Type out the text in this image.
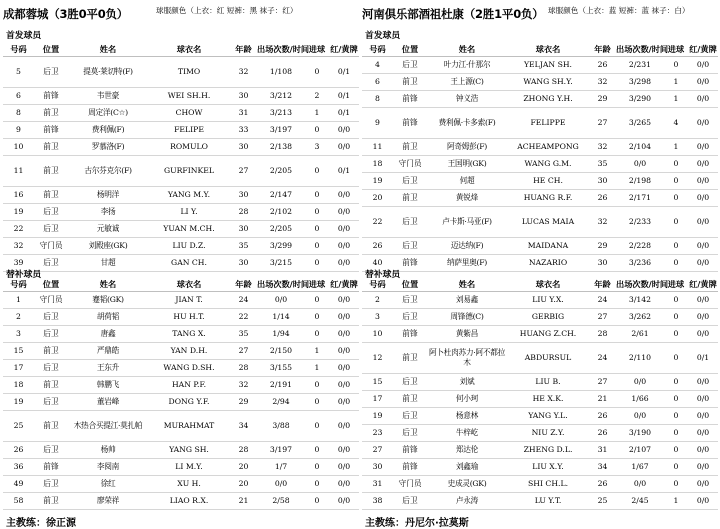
成都蓉城（3胜0平0负）	球服颜色（上衣：红 短裤：黑 袜子：红）
首发球员
号码	位置	姓名	球衣名	年龄	出场次数/时间	进球	红/黄牌
5	后卫	提莫·莱切特(F)	TIMO	32	1/108	0	0/1
6	前锋	韦世豪	WEI SH.H.	30	3/212	2	0/1
8	前卫	周定洋(C☆)	CHOW	31	3/213	1	0/1
9	前锋	费利佩(F)	FELIPE	33	3/197	0	0/0
10	前卫	罗慕洛(F)	ROMULO	30	2/138	3	0/0
11	前卫	古尔芬克尔(F)	GURFINKEL	27	2/205	0	0/1
16	前卫	杨明洋	YANG M.Y.	30	2/147	0	0/0
19	后卫	李扬	LI Y.	28	2/102	0	0/0
22	后卫	元敏诚	YUAN M.CH.	30	2/205	0	0/0
32	守门员	刘殿座(GK)	LIU D.Z.	35	3/299	0	0/0
39	后卫	甘超	GAN CH.	30	3/215	0	0/0
替补球员
号码	位置	姓名	球衣名	年龄	出场次数/时间	进球	红/黄牌
1	守门员	蹇韬(GK)	JIAN T.	24	0/0	0	0/0
2	后卫	胡荷韬	HU H.T.	22	1/14	0	0/0
3	后卫	唐鑫	TANG X.	35	1/94	0	0/0
15	前卫	严鼎皓	YAN D.H.	27	2/150	1	0/0
17	后卫	王东升	WANG D.SH.	28	3/155	1	0/0
18	前卫	韩鹏飞	HAN P.F.	32	2/191	0	0/0
19	后卫	董岩峰	DONG Y.F.	29	2/94	0	0/0
25	前卫	木热合买提江·莫扎帕	MURAHMAT	34	3/88	0	0/0
26	后卫	杨帅	YANG SH.	28	3/197	0	0/0
36	前锋	李阅南	LI M.Y.	20	1/7	0	0/0
49	后卫	徐红	XU H.	20	0/0	0	0/0
58	前卫	廖荣祥	LIAO R.X.	21	2/58	0	0/0
主教练：徐正源
河南俱乐部酒祖杜康（2胜1平0负） 球服颜色（上衣：蓝 短裤：蓝 袜子：白）
首发球员
号码	位置	姓名	球衣名	年龄	出场次数/时间	进球	红/黄牌
4	后卫	叶力江·什那尔	YELJAN SH.	26	2/231	0	0/0
6	前卫	王上源(C)	WANG SH.Y.	32	3/298	1	0/0
8	前锋	钟义浩	ZHONG Y.H.	29	3/290	1	0/0
9	前锋	费利佩·卡多索(F)	FELIPPE	27	3/265	4	0/0
11	前卫	阿奇姆彭(F)	ACHEAMPONG	32	2/104	1	0/0
18	守门员	王国明(GK)	WANG G.M.	35	0/0	0	0/0
19	后卫	何超	HE CH.	30	2/198	0	0/0
20	前卫	黄锐烽	HUANG R.F.	26	2/171	0	0/0
22	后卫	卢卡斯·马亚(F)	LUCAS MAIA	32	2/233	0	0/0
26	后卫	迈达纳(F)	MAIDANA	29	2/228	0	0/0
40	前锋	纳萨里奥(F)	NAZARIO	30	3/236	0	0/0
替补球员
号码	位置	姓名	球衣名	年龄	出场次数/时间	进球	红/黄牌
2	后卫	刘易鑫	LIU Y.X.	24	3/142	0	0/0
3	后卫	周锋德(C)	GERBIG	27	3/262	0	0/0
10	前锋	黄紫昌	HUANG Z.CH.	28	2/61	0	0/0
12	前卫	阿卜杜肉苏力·阿不都拉木	ABDURSUL	24	2/110	0	0/1
15	后卫	刘斌	LIU B.	27	0/0	0	0/0
17	前卫	何小珂	HE X.K.	21	1/66	0	0/0
19	后卫	杨意林	YANG Y.L.	26	0/0	0	0/0
23	后卫	牛梓屹	NIU Z.Y.	26	3/190	0	0/0
27	前锋	郑达伦	ZHENG D.L.	31	2/107	0	0/0
30	前锋	刘鑫瑜	LIU X.Y.	34	1/67	0	0/0
31	守门员	史成灵(GK)	SHI CH.L.	26	0/0	0	0/0
38	后卫	卢永涛	LU Y.T.	25	2/45	1	0/0
主教练：丹尼尔·拉莫斯
